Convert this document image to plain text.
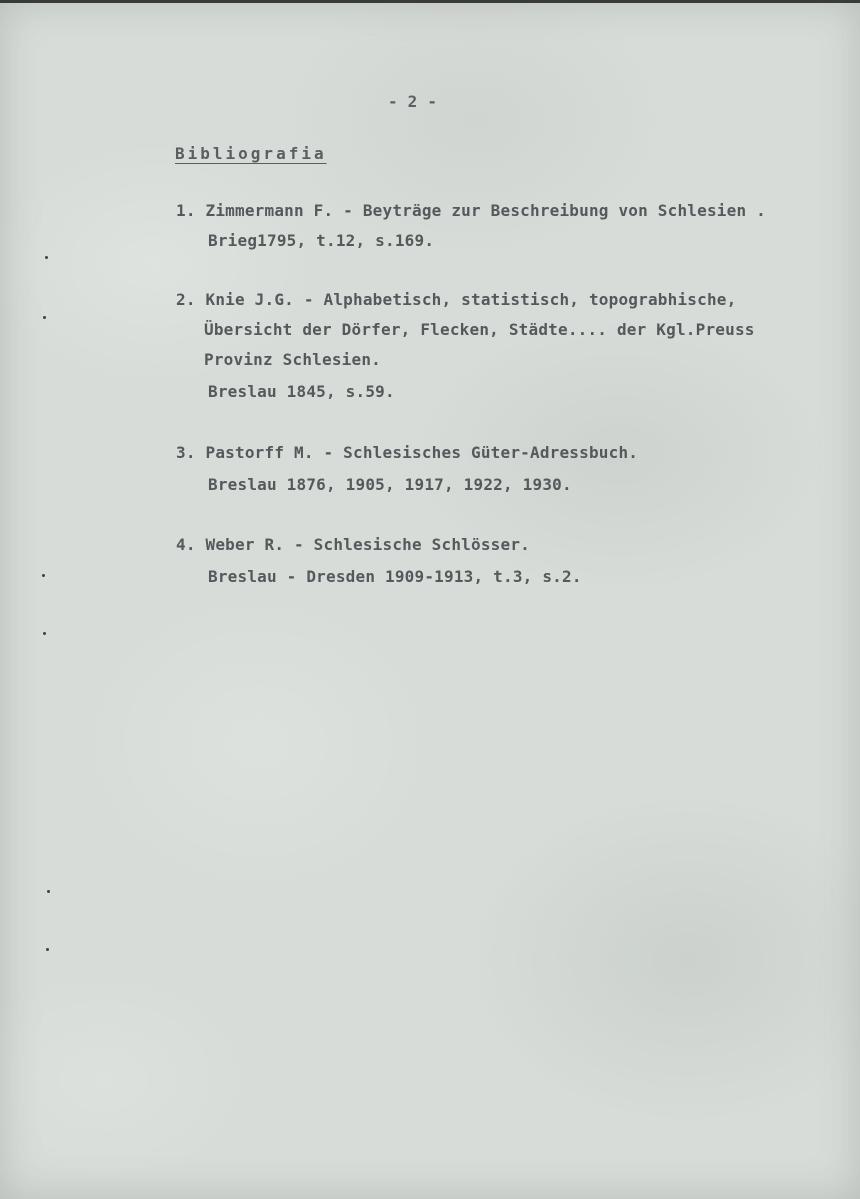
- 2 -
Bibliografia
1. Zimmermann F. - Beyträge zur Beschreibung von Schlesien .
Brieg1795, t.12, s.169.
2. Knie J.G. - Alphabetisch, statistisch, topograbhische,
Übersicht der Dörfer, Flecken, Städte.... der Kgl.Preuss
Provinz Schlesien.
Breslau 1845, s.59.
3. Pastorff M. - Schlesisches Güter-Adressbuch.
Breslau 1876, 1905, 1917, 1922, 1930.
4. Weber R. - Schlesische Schlösser.
Breslau - Dresden 1909-1913, t.3, s.2.
